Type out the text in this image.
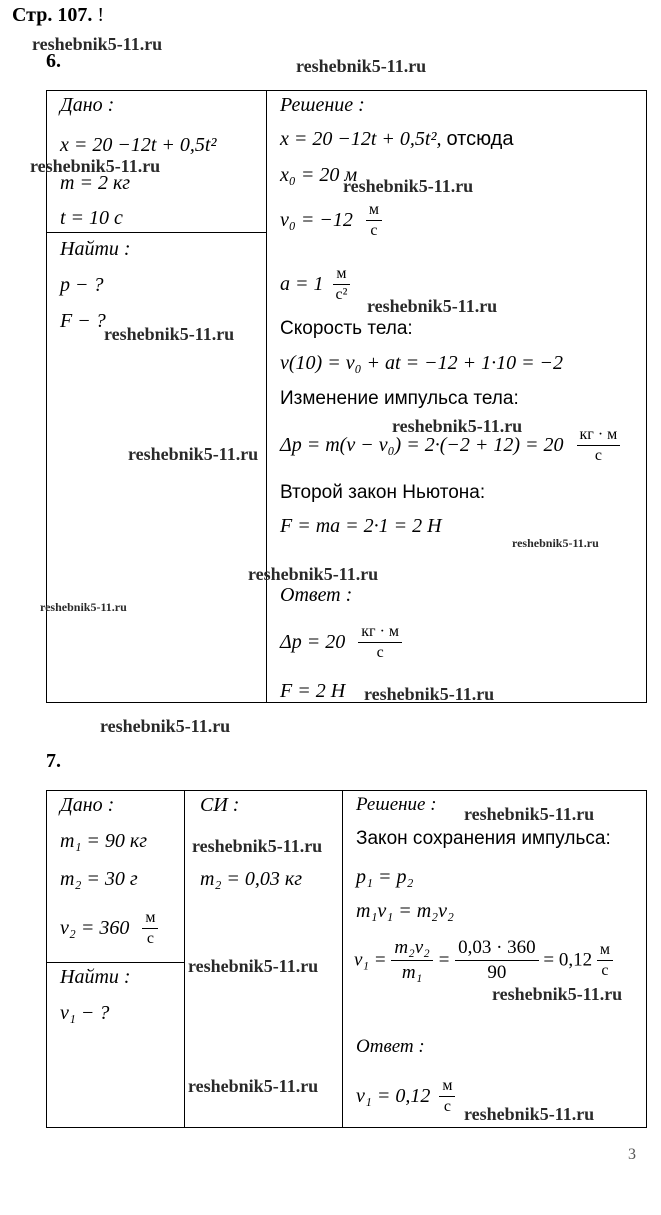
Стр. 107. !
6.
Дано :
x = 20 −12t + 0,5t²
m = 2 кг
t = 10 с
Найти :
p − ?
F − ?
Решение :
x = 20 −12t + 0,5t², отсюда
x₀ = 20 м
$v_0 = -12 \frac{м}{с}$
$a = 1 \frac{м}{\text{с²}}$
Скорость тела:
v(10) = v₀ + at = −12 + 1·10 = −2
Изменение импульса тела:
$\Delta p = m(v - v_0) = 2\cdot(-2 + 12) = 20 \frac{кг \cdot м}{с}$
Второй закон Ньютона:
F = ma = 2·1 = 2 Н
Ответ :
$\Delta p = 20 \frac{кг \cdot м}{с}$
F = 2 Н
7.
Дано :
m₁ = 90 кг
m₂ = 30 г
$v_2 = 360 \frac{м}{с}$
Найти :
v₁ − ?
СИ :
m₂ = 0,03 кг
Решение :
Закон сохранения импульса:
p₁ = p₂
m₁v₁ = m₂v₂
$v_1 = \frac{\text{m₂v₂}}{\text{m₁}} = \frac{0,03 \cdot 360}{90} = 0,12 \frac{м}{с}$
Ответ :
$v_1 = 0,12 \frac{м}{с}$
3
reshebnik5-11.ru
reshebnik5-11.ru
reshebnik5-11.ru
reshebnik5-11.ru
reshebnik5-11.ru
reshebnik5-11.ru
reshebnik5-11.ru
reshebnik5-11.ru
reshebnik5-11.ru
reshebnik5-11.ru
reshebnik5-11.ru
reshebnik5-11.ru
reshebnik5-11.ru
reshebnik5-11.ru
reshebnik5-11.ru
reshebnik5-11.ru
reshebnik5-11.ru
reshebnik5-11.ru
reshebnik5-11.ru
